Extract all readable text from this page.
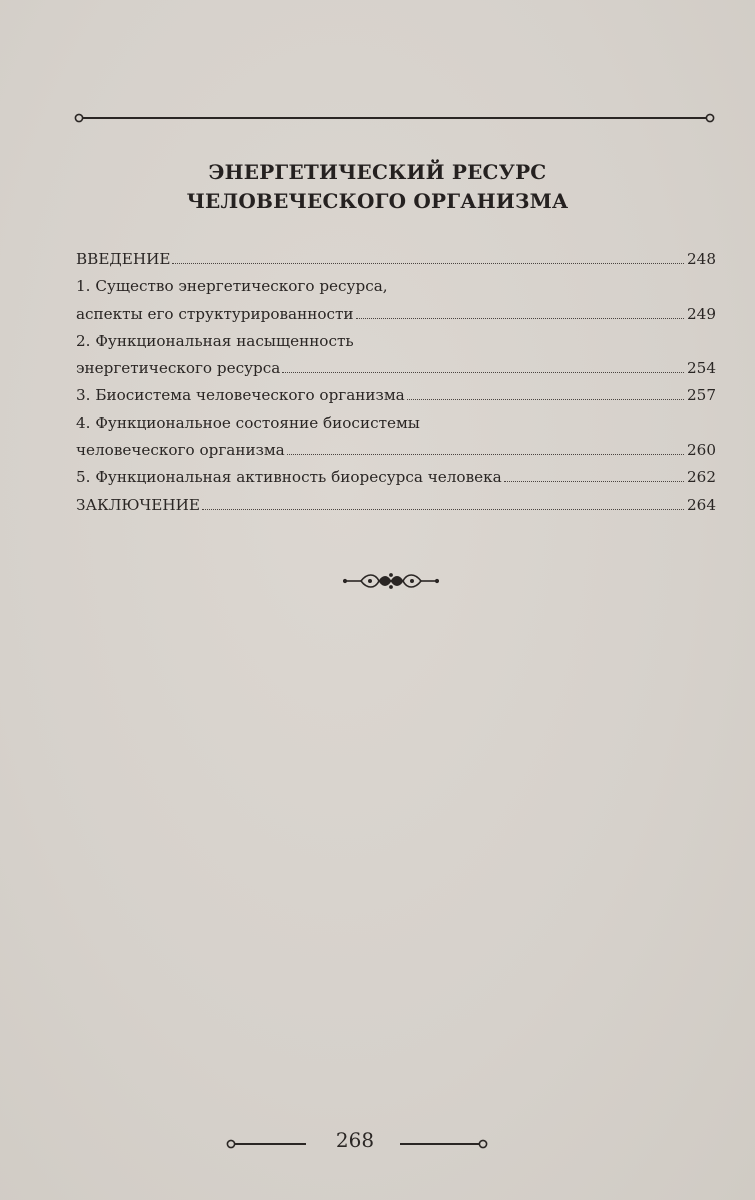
ЭНЕРГЕТИЧЕСКИЙ РЕСУРС
ЧЕЛОВЕЧЕСКОГО ОРГАНИЗМА
ВВЕДЕНИЕ	248
1. Существо энергетического ресурса,
аспекты его структурированности	249
2. Функциональная насыщенность
энергетического ресурса	254
3. Биосистема человеческого организма	257
4. Функциональное состояние биосистемы
человеческого организма	260
5. Функциональная активность биоресурса человека	262
ЗАКЛЮЧЕНИЕ	264
268
